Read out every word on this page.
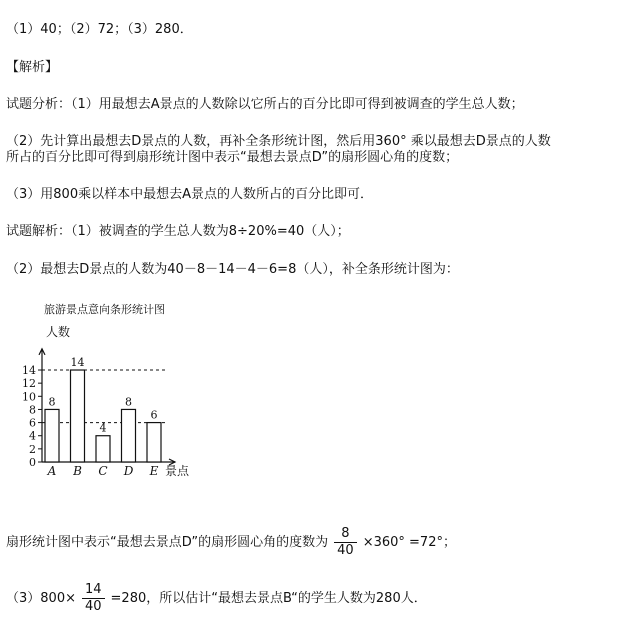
（1）40；（2）72；（3）280．
【解析】
试题分析：（1）用最想去A景点的人数除以它所占的百分比即可得到被调查的学生总人数；
（2）先计算出最想去D景点的人数，再补全条形统计图，然后用360° 乘以最想去D景点的人数
所占的百分比即可得到扇形统计图中表示“最想去景点D”的扇形圆心角的度数；
（3）用800乘以样本中最想去A景点的人数所占的百分比即可．
试题解析：（1）被调查的学生总人数为8÷20%=40（人）；
（2）最想去D景点的人数为40－8－14－4－6=8（人），补全条形统计图为：
旅游景点意向条形统计图
0
2
4
6
8
10
12
14
8
14
4
8
6
A B C D E
人数
景点
扇形统计图中表示“最想去景点D”的扇形圆心角的度数为 $\frac{8}{40} \times 360^\circ =72^\circ$；
$(3)800\times \frac{14}{40} =280$，所以估计“最想去景点B“的学生人数为280人．
